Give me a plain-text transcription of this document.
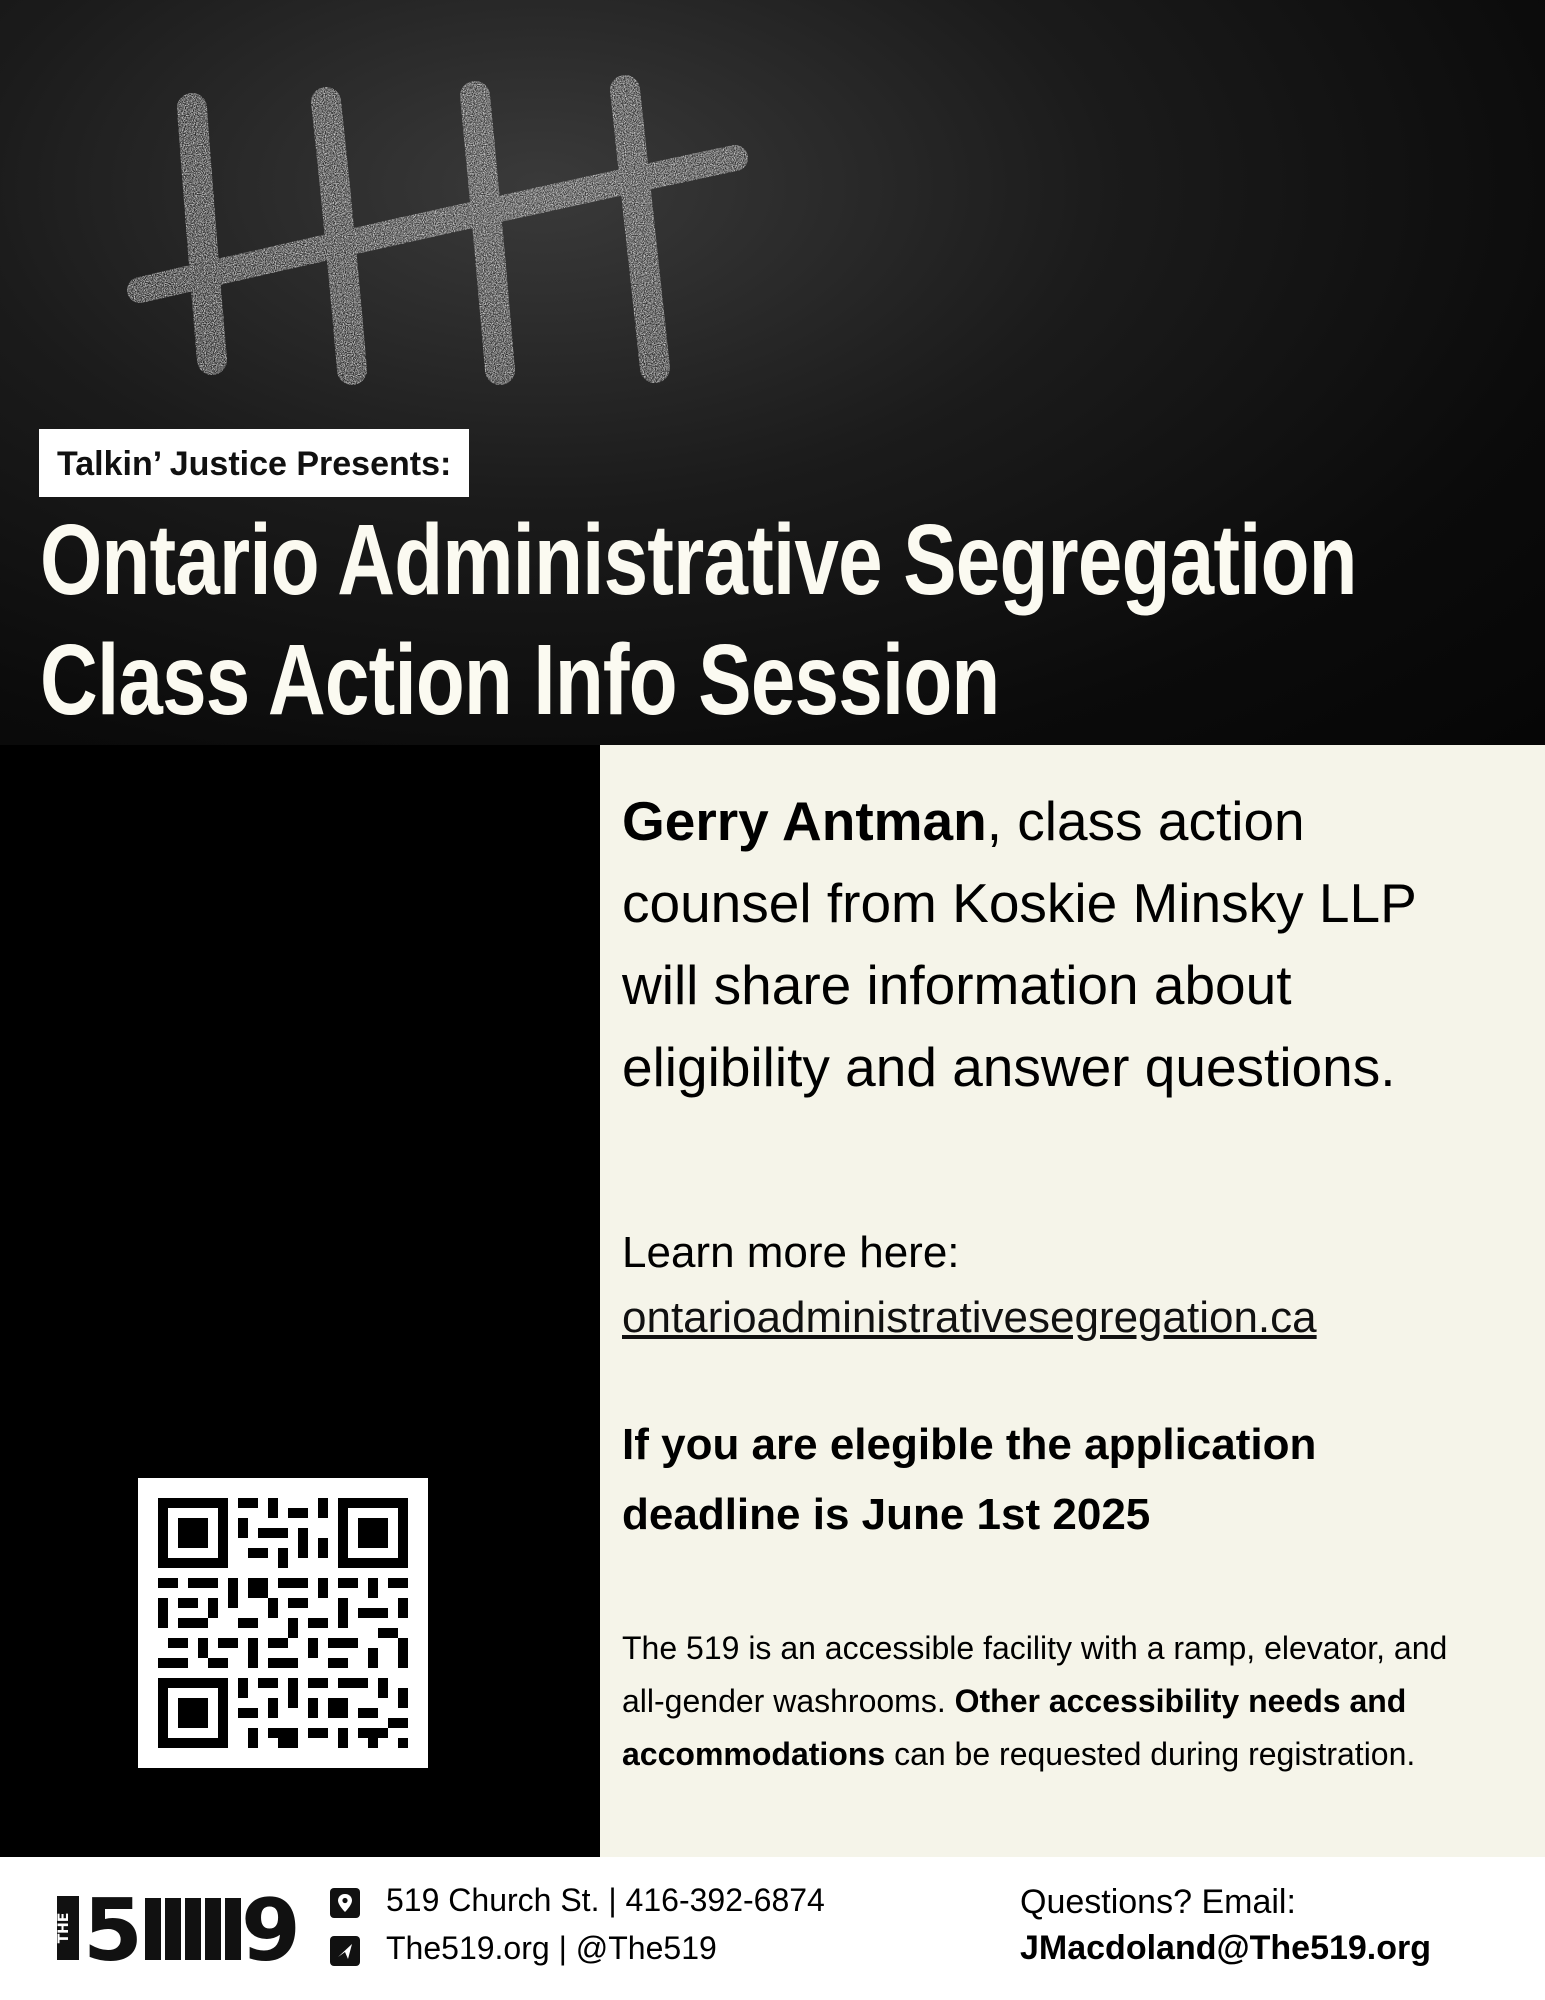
Talkin’ Justice Presents:
Ontario Administrative Segregation
Class Action Info Session
Friday,
May 16
12 to 12:30pm
The 519
[519 Church St.]
Drop-in welcome RSVP encouraged. Scan the QR code for registering.
Gerry Antman, class action counsel from Koskie Minsky LLP will share information about eligibility and answer questions.
Learn more here:
ontarioadministrativesegregation.ca
If you are elegible the application deadline is June 1st 2025
The 519 is an accessible facility with a ramp, elevator, and all-gender washrooms. Other accessibility needs and accommodations can be requested during registration.
THE 5 9	519 Church St. | 416-392-6874
The519.org | @The519
Questions? Email:
JMacdoland@The519.org
